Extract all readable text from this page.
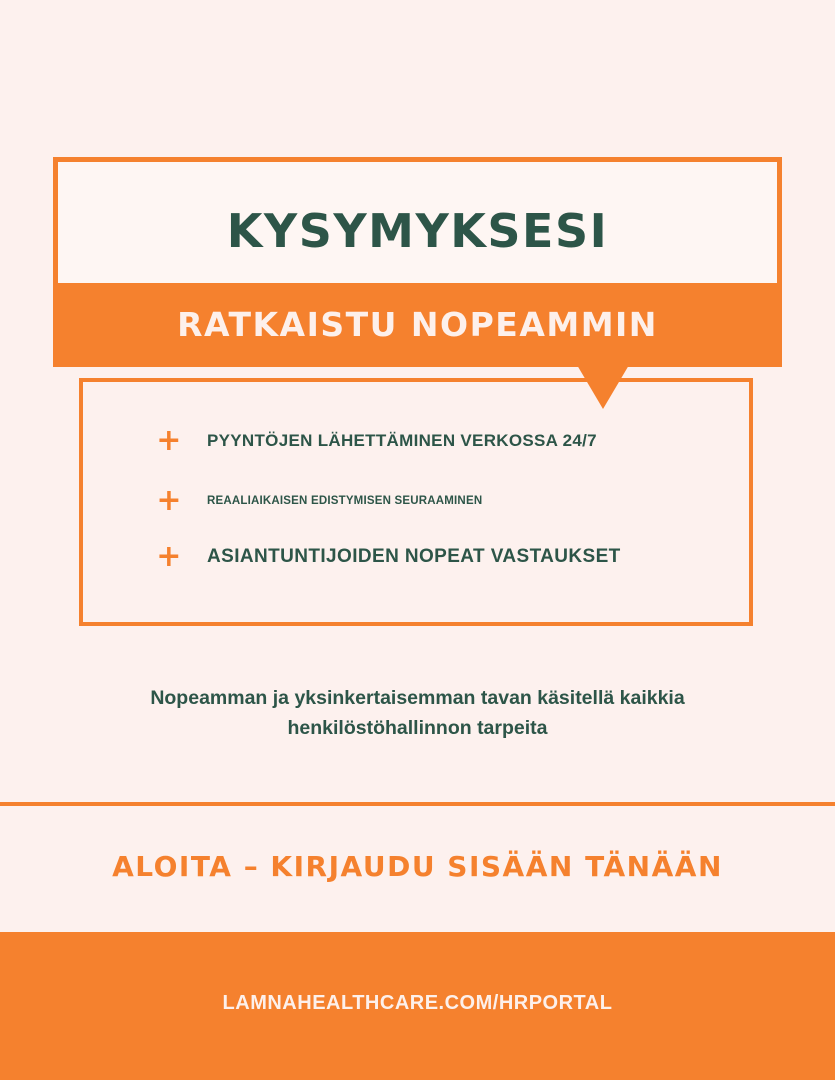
KYSYMYKSESI
RATKAISTU NOPEAMMIN
+ PYYNTÖJEN LÄHETTÄMINEN VERKOSSA 24/7
+ REAALIAIKAISEN EDISTYMISEN SEURAAMINEN
+ ASIANTUNTIJOIDEN NOPEAT VASTAUKSET
Nopeamman ja yksinkertaisemman tavan käsitellä kaikkia
henkilöstöhallinnon tarpeita
ALOITA – KIRJAUDU SISÄÄN TÄNÄÄN
LAMNAHEALTHCARE.COM/HRPORTAL
